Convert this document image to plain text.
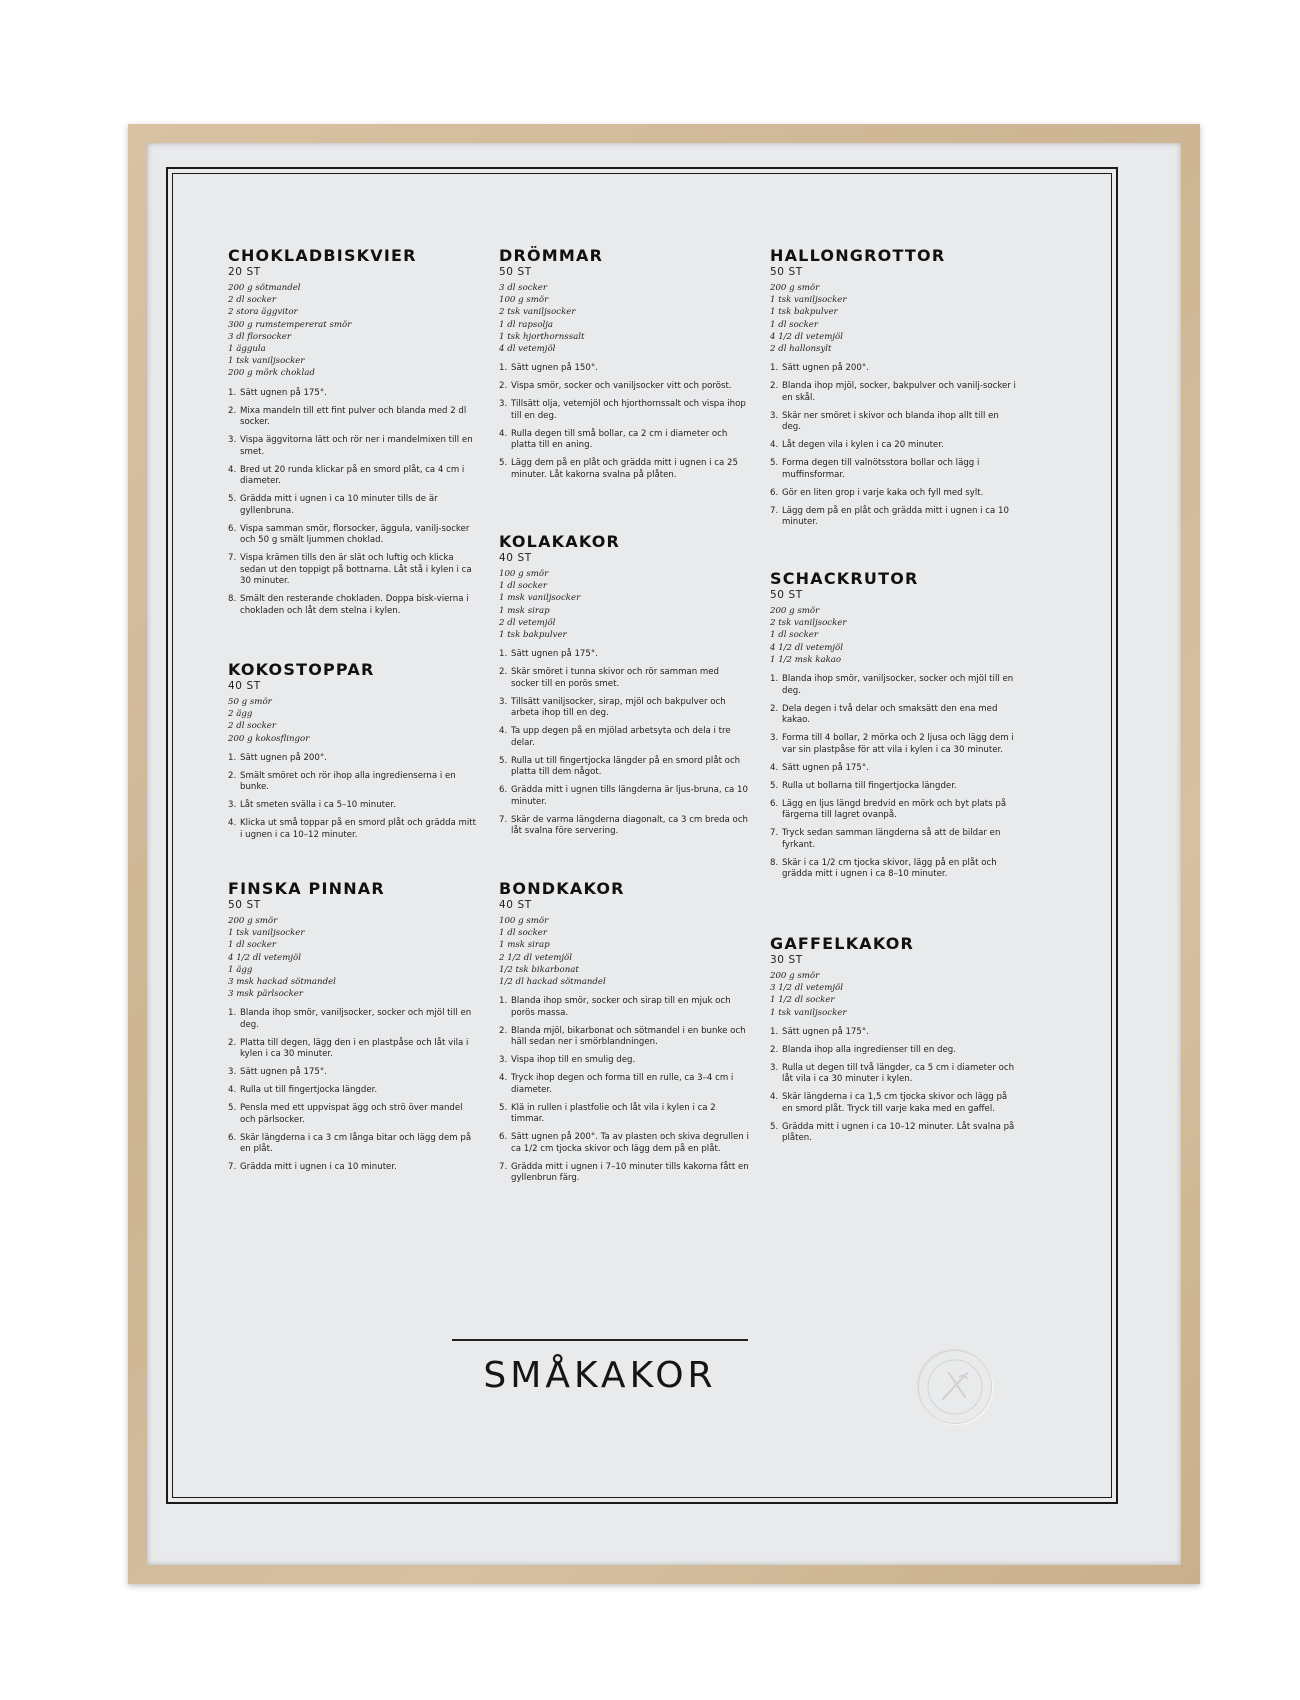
CHOKLADBISKVIER
20 ST
200 g sötmandel
2 dl socker
2 stora äggvitor
300 g rumstempererat smör
3 dl florsocker
1 äggula
1 tsk vaniljsocker
200 g mörk choklad
1. Sätt ugnen på 175°.
2. Mixa mandeln till ett fint pulver och blanda med 2 dl socker.
3. Vispa äggvitorna lätt och rör ner i mandelmixen till en smet.
4. Bred ut 20 runda klickar på en smord plåt, ca 4 cm i diameter.
5. Grädda mitt i ugnen i ca 10 minuter tills de är gyllenbruna.
6. Vispa samman smör, florsocker, äggula, vanilj-socker och 50 g smält ljummen choklad.
7. Vispa krämen tills den är slät och luftig och klicka sedan ut den toppigt på bottnarna. Låt stå i kylen i ca 30 minuter.
8. Smält den resterande chokladen. Doppa bisk-vierna i chokladen och låt dem stelna i kylen.
KOKOSTOPPAR
40 ST
50 g smör
2 ägg
2 dl socker
200 g kokosflingor
1. Sätt ugnen på 200°.
2. Smält smöret och rör ihop alla ingredienserna i en bunke.
3. Låt smeten svälla i ca 5–10 minuter.
4. Klicka ut små toppar på en smord plåt och grädda mitt i ugnen i ca 10–12 minuter.
FINSKA PINNAR
50 ST
200 g smör
1 tsk vaniljsocker
1 dl socker
4 1/2 dl vetemjöl
1 ägg
3 msk hackad sötmandel
3 msk pärlsocker
1. Blanda ihop smör, vaniljsocker, socker och mjöl till en deg.
2. Platta till degen, lägg den i en plastpåse och låt vila i kylen i ca 30 minuter.
3. Sätt ugnen på 175°.
4. Rulla ut till fingertjocka längder.
5. Pensla med ett uppvispat ägg och strö över mandel och pärlsocker.
6. Skär längderna i ca 3 cm långa bitar och lägg dem på en plåt.
7. Grädda mitt i ugnen i ca 10 minuter.
DRÖMMAR
50 ST
3 dl socker
100 g smör
2 tsk vaniljsocker
1 dl rapsolja
1 tsk hjorthornssalt
4 dl vetemjöl
1. Sätt ugnen på 150°.
2. Vispa smör, socker och vaniljsocker vitt och poröst.
3. Tillsätt olja, vetemjöl och hjorthornssalt och vispa ihop till en deg.
4. Rulla degen till små bollar, ca 2 cm i diameter och platta till en aning.
5. Lägg dem på en plåt och grädda mitt i ugnen i ca 25 minuter. Låt kakorna svalna på plåten.
KOLAKAKOR
40 ST
100 g smör
1 dl socker
1 msk vaniljsocker
1 msk sirap
2 dl vetemjöl
1 tsk bakpulver
1. Sätt ugnen på 175°.
2. Skär smöret i tunna skivor och rör samman med socker till en porös smet.
3. Tillsätt vaniljsocker, sirap, mjöl och bakpulver och arbeta ihop till en deg.
4. Ta upp degen på en mjölad arbetsyta och dela i tre delar.
5. Rulla ut till fingertjocka längder på en smord plåt och platta till dem något.
6. Grädda mitt i ugnen tills längderna är ljus-bruna, ca 10 minuter.
7. Skär de varma längderna diagonalt, ca 3 cm breda och låt svalna före servering.
BONDKAKOR
40 ST
100 g smör
1 dl socker
1 msk sirap
2 1/2 dl vetemjöl
1/2 tsk bikarbonat
1/2 dl hackad sötmandel
1. Blanda ihop smör, socker och sirap till en mjuk och porös massa.
2. Blanda mjöl, bikarbonat och sötmandel i en bunke och häll sedan ner i smörblandningen.
3. Vispa ihop till en smulig deg.
4. Tryck ihop degen och forma till en rulle, ca 3–4 cm i diameter.
5. Klä in rullen i plastfolie och låt vila i kylen i ca 2 timmar.
6. Sätt ugnen på 200°. Ta av plasten och skiva degrullen i ca 1/2 cm tjocka skivor och lägg dem på en plåt.
7. Grädda mitt i ugnen i 7–10 minuter tills kakorna fått en gyllenbrun färg.
HALLONGROTTOR
50 ST
200 g smör
1 tsk vaniljsocker
1 tsk bakpulver
1 dl socker
4 1/2 dl vetemjöl
2 dl hallonsylt
1. Sätt ugnen på 200°.
2. Blanda ihop mjöl, socker, bakpulver och vanilj-socker i en skål.
3. Skär ner smöret i skivor och blanda ihop allt till en deg.
4. Låt degen vila i kylen i ca 20 minuter.
5. Forma degen till valnötsstora bollar och lägg i muffinsformar.
6. Gör en liten grop i varje kaka och fyll med sylt.
7. Lägg dem på en plåt och grädda mitt i ugnen i ca 10 minuter.
SCHACKRUTOR
50 ST
200 g smör
2 tsk vaniljsocker
1 dl socker
4 1/2 dl vetemjöl
1 1/2 msk kakao
1. Blanda ihop smör, vaniljsocker, socker och mjöl till en deg.
2. Dela degen i två delar och smaksätt den ena med kakao.
3. Forma till 4 bollar, 2 mörka och 2 ljusa och lägg dem i var sin plastpåse för att vila i kylen i ca 30 minuter.
4. Sätt ugnen på 175°.
5. Rulla ut bollarna till fingertjocka längder.
6. Lägg en ljus längd bredvid en mörk och byt plats på färgerna till lagret ovanpå.
7. Tryck sedan samman längderna så att de bildar en fyrkant.
8. Skär i ca 1/2 cm tjocka skivor, lägg på en plåt och grädda mitt i ugnen i ca 8–10 minuter.
GAFFELKAKOR
30 ST
200 g smör
3 1/2 dl vetemjöl
1 1/2 dl socker
1 tsk vaniljsocker
1. Sätt ugnen på 175°.
2. Blanda ihop alla ingredienser till en deg.
3. Rulla ut degen till två längder, ca 5 cm i diameter och låt vila i ca 30 minuter i kylen.
4. Skär längderna i ca 1,5 cm tjocka skivor och lägg på en smord plåt. Tryck till varje kaka med en gaffel.
5. Grädda mitt i ugnen i ca 10–12 minuter. Låt svalna på plåten.
SMÅKAKOR
